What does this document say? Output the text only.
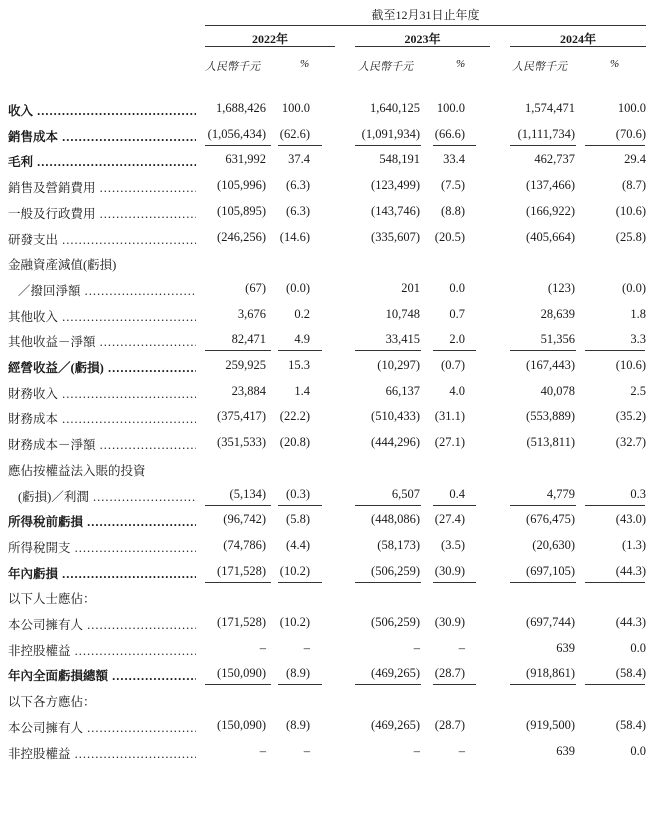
截至12月31日止年度
2022年	2023年	2024年
人民幣千元	%	人民幣千元	%	人民幣千元	%
收入 .....	1,688,426 100.0	1,640,125 100.0	1,574,471	100.0
銷售成本 .....	(1,056,434) (62.6)	(1,091,934) (66.6)	(1,111,734)	(70.6)
毛利 .....	631,992 37.4	548,191 33.4	462,737	29.4
銷售及營銷費用 .....	(105,996) (6.3)	(123,499) (7.5)	(137,466)	(8.7)
一般及行政費用 .....	(105,895) (6.3)	(143,746) (8.8)	(166,922)	(10.6)
研發支出 .....	(246,256) (14.6)	(335,607) (20.5)	(405,664)	(25.8)
金融資產減值(虧損)
／撥回淨額 .....	(67) (0.0)	201 0.0	(123)	(0.0)
其他收入 .....	3,676 0.2	10,748 0.7	28,639	1.8
其他收益－淨額 .....	82,471 4.9	33,415 2.0	51,356	3.3
經營收益／(虧損) .....	259,925 15.3	(10,297) (0.7)	(167,443)	(10.6)
財務收入 .....	23,884 1.4	66,137 4.0	40,078	2.5
財務成本 .....	(375,417) (22.2)	(510,433) (31.1)	(553,889)	(35.2)
財務成本－淨額 .....	(351,533) (20.8)	(444,296) (27.1)	(513,811)	(32.7)
應佔按權益法入賬的投資
(虧損)／利潤 .....	(5,134) (0.3)	6,507 0.4	4,779	0.3
所得稅前虧損 .....	(96,742) (5.8)	(448,086) (27.4)	(676,475)	(43.0)
所得稅開支 .....	(74,786) (4.4)	(58,173) (3.5)	(20,630)	(1.3)
年內虧損 .....	(171,528) (10.2)	(506,259) (30.9)	(697,105)	(44.3)
以下人士應佔：
本公司擁有人 .....	(171,528) (10.2)	(506,259) (30.9)	(697,744)	(44.3)
非控股權益 .....	–	–	–	–	639	0.0
年內全面虧損總額 .....	(150,090) (8.9)	(469,265) (28.7)	(918,861)	(58.4)
以下各方應佔：
本公司擁有人 .....	(150,090) (8.9)	(469,265) (28.7)	(919,500)	(58.4)
非控股權益 .....	–	–	–	–	639	0.0
